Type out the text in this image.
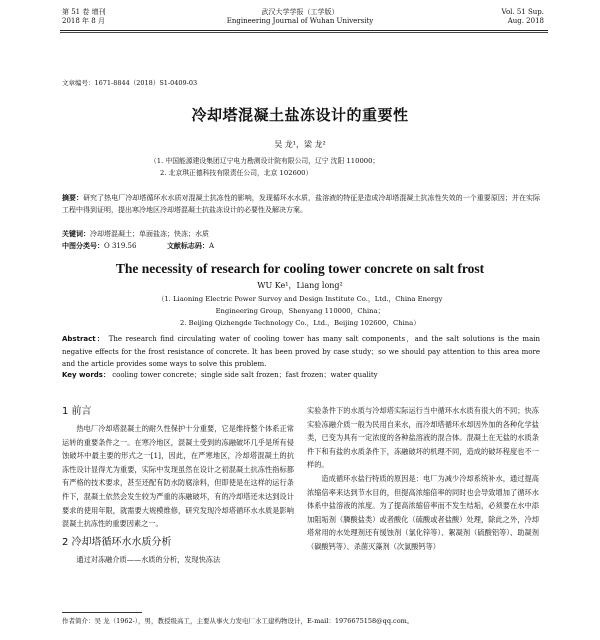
第 51 卷 增刊
2018 年 8 月
武汉大学学报（工学版）
Engineering Journal of Wuhan University
Vol. 51 Sup.
Aug. 2018
文章编号：1671-8844（2018）S1-0409-03
冷却塔混凝土盐冻设计的重要性
吴 龙¹，梁 龙²
（1. 中国能源建设集团辽宁电力勘测设计院有限公司，辽宁 沈阳 110000；
2. 北京琪正德科技有限责任公司，北京 102600）
摘要：研究了热电厂冷却塔循环水水质对混凝土抗冻性的影响，发现循环水水质，盐溶液的特征是造成冷却塔混凝土抗冻性失效的一个重要原因；并在实际工程中得到证明，提出寒冷地区冷却塔混凝土抗盐冻设计的必要性及解决方案。
关键词：冷却塔混凝土；单面盐冻；快冻；水质
中图分类号：O 319.56	文献标志码：A
The necessity of research for cooling tower concrete on salt frost
WU Ke¹，Liang long²
（1. Liaoning Electric Power Survey and Design Institute Co.，Ltd.，China Energy
Engineering Group，Shenyang 110000，China；
2. Beijing Qizhengde Technology Co.，Ltd.，Beijing 102600，China）
Abstract： The research find circulating water of cooling tower has many salt components，and the salt solutions is the main negative effects for the frost resistance of concrete. It has been proved by case study；so we should pay attention to this area more and the article provides some ways to solve this problem.
Key words： cooling tower concrete；single side salt frozen；fast frozen；water quality
1 前言

热电厂冷却塔混凝土的耐久性保护十分重要，它是维持整个体系正常运转的重要条件之一。在寒冷地区，混凝土受到的冻融破坏几乎是所有侵蚀破坏中最主要的形式之一[1]，因此，在严寒地区，冷却塔混凝土的抗冻性设计显得尤为重要，实际中发现虽然在设计之初混凝土抗冻性指标都有严格的技术要求，甚至还配有防水防腐涂料，但即使是在这样的运行条件下，混凝土依然会发生较为严重的冻融破坏，有的冷却塔还未达到设计要求的使用年限，就需要大规模维修，研究发现冷却塔循环水水质是影响混凝土抗冻性的重要因素之一。

2 冷却塔循环水水质分析

通过对冻融介质——水质的分析，发现快冻法

实验条件下的水质与冷却塔实际运行当中循环水水质有很大的不同；快冻实验冻融介质一般为民用自来水，而冷却塔循环水却因外加的各种化学盐类，已变为具有一定浓度的各种盐溶液的混合体。混凝土在无盐的水质条件下和有盐的水质条件下，冻融破坏的机理不同，造成的破坏程度也不一样的。

造成循环水盐行特质的原因是：电厂为减少冷却系统补水，通过提高浓缩倍率来达到节水目的，但提高浓缩倍率的同时也会导致增加了循环水体系中盐溶液的浓度。为了提高浓缩倍率而不发生结垢，必须要在水中添加阻垢剂（膦酸盐类）或者酸化（硫酸或者盐酸）处理，除此之外，冷却塔常用的水处理剂还有缓蚀剂（氯化锌等）、絮凝剂（硫酸铝等）、助凝剂（碳酸钙等）、杀菌灭藻剂（次氯酸钙等）

作者简介：吴 龙（1962-），男，教授级高工，主要从事火力发电厂水工建构物设计，E-mail：1976675158@qq.com。
